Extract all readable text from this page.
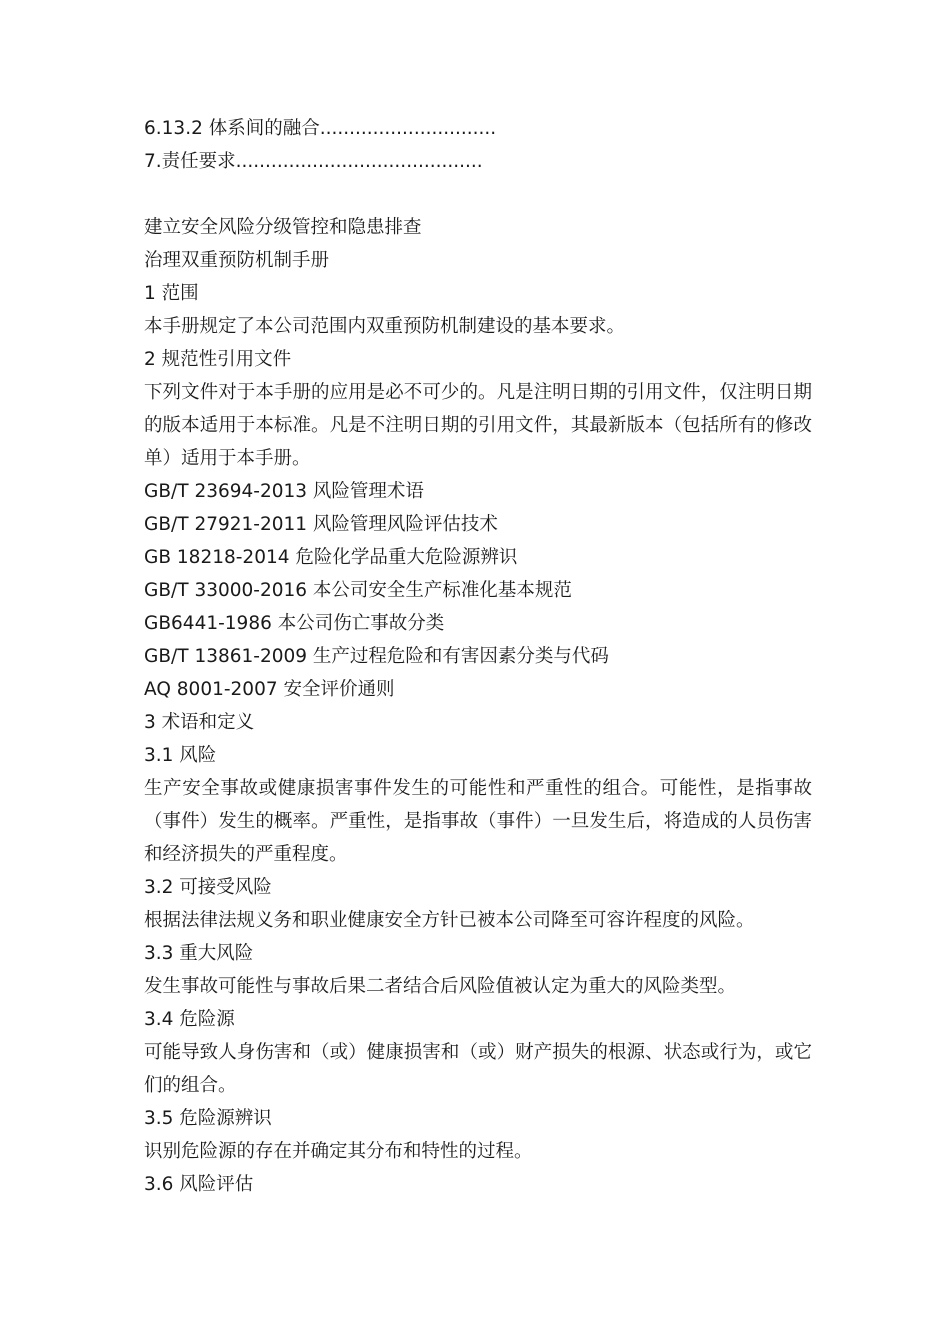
6.13.2 体系间的融合..............................
7.责任要求..........................................
建立安全风险分级管控和隐患排查
治理双重预防机制手册
1 范围
本手册规定了本公司范围内双重预防机制建设的基本要求。
2 规范性引用文件
下列文件对于本手册的应用是必不可少的。凡是注明日期的引用文件，仅注明日期的版本适用于本标准。凡是不注明日期的引用文件，其最新版本（包括所有的修改单）适用于本手册。
GB/T 23694-2013 风险管理术语
GB/T 27921-2011 风险管理风险评估技术
GB 18218-2014 危险化学品重大危险源辨识
GB/T 33000-2016 本公司安全生产标准化基本规范
GB6441-1986 本公司伤亡事故分类
GB/T 13861-2009 生产过程危险和有害因素分类与代码
AQ 8001-2007 安全评价通则
3 术语和定义
3.1 风险
生产安全事故或健康损害事件发生的可能性和严重性的组合。可能性，是指事故（事件）发生的概率。严重性，是指事故（事件）一旦发生后，将造成的人员伤害和经济损失的严重程度。
3.2 可接受风险
根据法律法规义务和职业健康安全方针已被本公司降至可容许程度的风险。
3.3 重大风险
发生事故可能性与事故后果二者结合后风险值被认定为重大的风险类型。
3.4 危险源
可能导致人身伤害和（或）健康损害和（或）财产损失的根源、状态或行为，或它们的组合。
3.5 危险源辨识
识别危险源的存在并确定其分布和特性的过程。
3.6 风险评估
